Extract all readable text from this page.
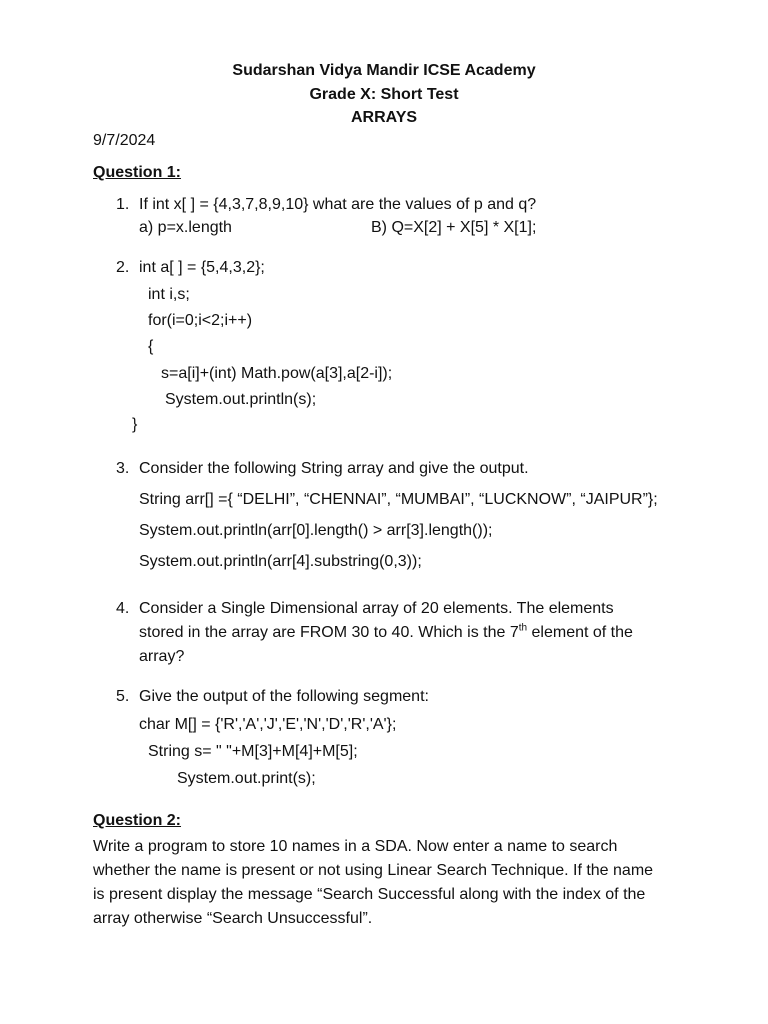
Sudarshan Vidya Mandir ICSE Academy
Grade X: Short Test
ARRAYS
9/7/2024
Question 1:
1. If int x[ ] = {4,3,7,8,9,10} what are the values of p and q?
a) p=x.length	B) Q=X[2] + X[5] * X[1];
2. int a[ ] = {5,4,3,2};
int i,s;
for(i=0;i<2;i++)
{
s=a[i]+(int) Math.pow(a[3],a[2-i]);
System.out.println(s);
}
3. Consider the following String array and give the output.
String arr[] ={ “DELHI”, “CHENNAI”, “MUMBAI”, “LUCKNOW”, “JAIPUR”};
System.out.println(arr[0].length() > arr[3].length());
System.out.println(arr[4].substring(0,3));
4. Consider a Single Dimensional array of 20 elements. The elements
stored in the array are FROM 30 to 40. Which is the 7th element of the
array?
5. Give the output of the following segment:
char M[] = {'R','A','J','E','N','D','R','A'};
String s= " "+M[3]+M[4]+M[5];
System.out.print(s);
Question 2:
Write a program to store 10 names in a SDA. Now enter a name to search
whether the name is present or not using Linear Search Technique. If the name
is present display the message “Search Successful along with the index of the
array otherwise “Search Unsuccessful”.
